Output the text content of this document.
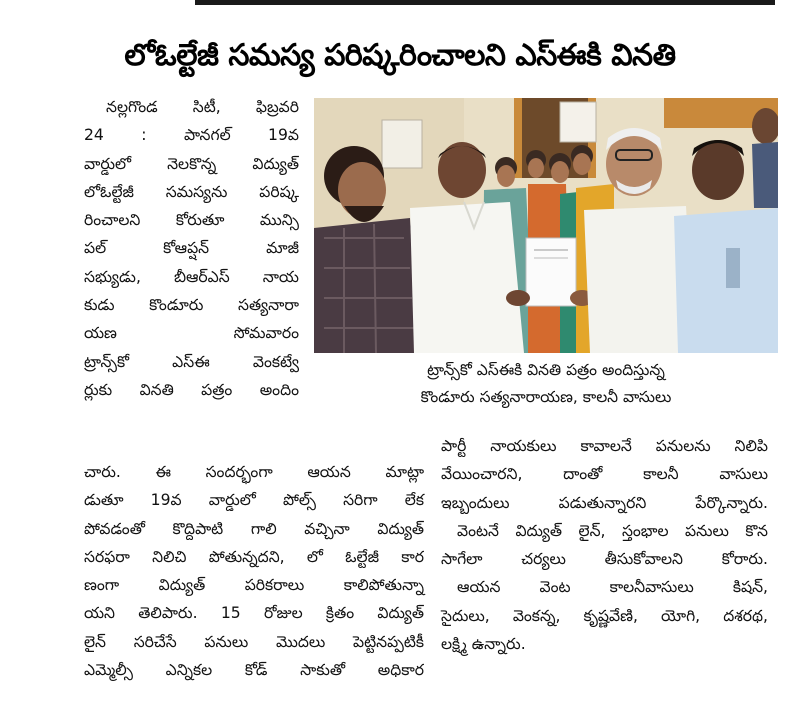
లోఓల్టేజీ సమస్య పరిష్కరించాలని ఎస్ఈకి వినతి
నల్లగొండ సిటీ, ఫిబ్రవరి
24 : పానగల్ 19వ
వార్డులో నెలకొన్న విద్యుత్
లోఓల్టేజీ సమస్యను పరిష్క
రించాలని కోరుతూ మున్సి
పల్ కోఆప్షన్ మాజీ
సభ్యుడు, బీఆర్ఎస్ నాయ
కుడు కొండూరు సత్యనారా
యణ సోమవారం
ట్రాన్స్‌కో ఎస్ఈ వెంకట్వే
ర్లుకు వినతి పత్రం అందిం
ట్రాన్స్‌కో ఎస్ఈకి వినతి పత్రం అందిస్తున్న
కొండూరు సత్యనారాయణ, కాలనీ వాసులు
చారు. ఈ సందర్భంగా ఆయన మాట్లా
డుతూ 19వ వార్డులో పోల్స్ సరిగా లేక
పోవడంతో కొద్దిపాటి గాలి వచ్చినా విద్యుత్
సరఫరా నిలిచి పోతున్నదని, లో ఓల్టేజీ కార
ణంగా విద్యుత్ పరికరాలు కాలిపోతున్నా
యని తెలిపారు. 15 రోజుల క్రితం విద్యుత్
లైన్ సరిచేసే పనులు మొదలు పెట్టినప్పటికీ
ఎమ్మెల్సీ ఎన్నికల కోడ్ సాకుతో అధికార
పార్టీ నాయకులు కావాలనే పనులను నిలిపి
వేయించారని, దాంతో కాలనీ వాసులు
ఇబ్బందులు పడుతున్నారని పేర్కొన్నారు.
వెంటనే విద్యుత్ లైన్, స్తంభాల పనులు కొన
సాగేలా చర్యలు తీసుకోవాలని కోరారు.
ఆయన వెంట కాలనీవాసులు కిషన్,
సైదులు, వెంకన్న, కృష్ణవేణి, యోగి, దశరథ,
లక్ష్మి ఉన్నారు.
